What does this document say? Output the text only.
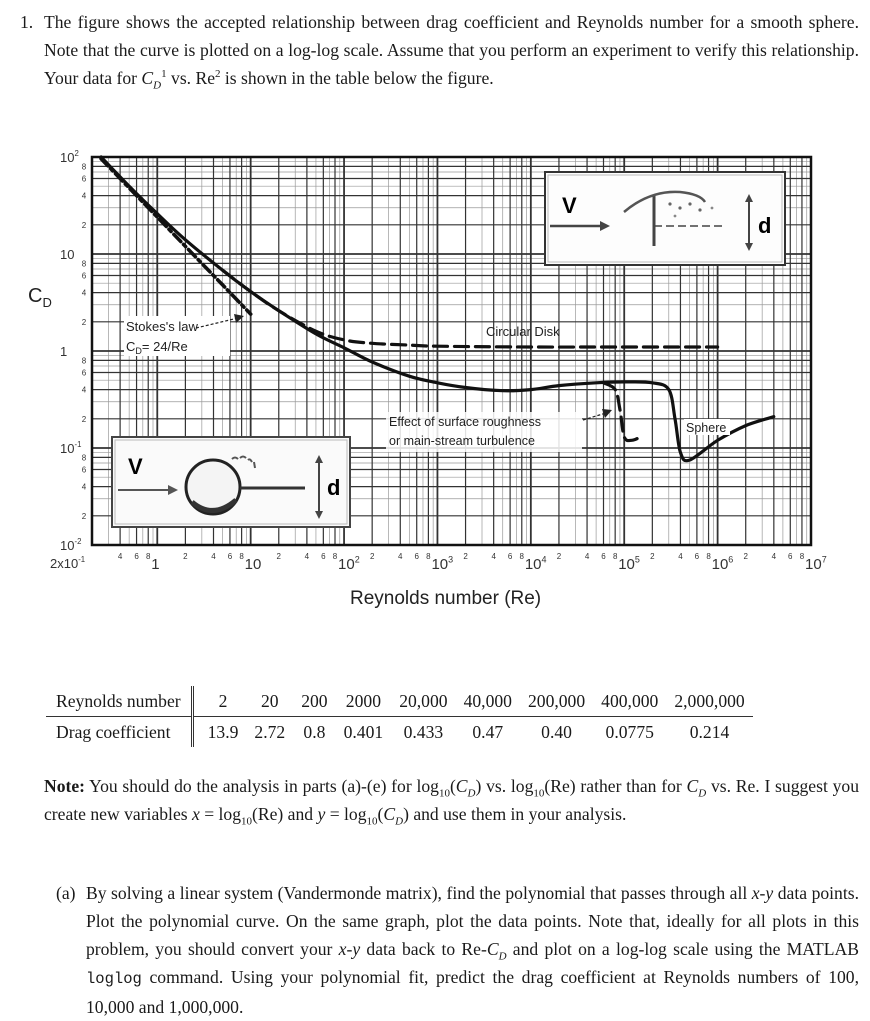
1. The figure shows the accepted relationship between drag coefficient and Reynolds number for a smooth sphere. Note that the curve is plotted on a log-log scale. Assume that you perform an experiment to verify this relationship. Your data for $C_D^1$ vs. Re$^2$ is shown in the table below the figure.
V
d
V
d
Stokes's law
$C_D= 24/Re$
Circular Disk
Effect of surface roughness
or main-stream turbulence
Sphere
$10^2$
10
1
$10^{-1}$
$10^{-2}$
2
4
6
8
2
4
6
8
2
4
6
8
2
4
6
8
$2x10^{-1}$	1	10	$10^2$	$10^3$	$10^4$	$10^5$	$10^6$	$10^7$
4 6 8	2	4 6 8	2	4 6 8	2	4 6 8	2	4 6 8	2	4 6 8	2	4 6 8	2	4 6 8
$C_D$
Reynolds number (Re)
Reynolds number	2	20	200	2000	20,000	40,000	200,000	400,000	2,000,000
Drag coefficient	13.9	2.72	0.8	0.401	0.433	0.47	0.40	0.0775	0.214
Note: You should do the analysis in parts (a)-(e) for $\log_{10}(C_D)$ vs. $\log_{10}(Re)$ rather than for $C_D$ vs. Re. I suggest you create new variables $x = \log_{10}(Re)$ and $y = \log_{10}(C_D)$ and use them in your analysis.
(a) By solving a linear system (Vandermonde matrix), find the polynomial that passes through all x-y data points. Plot the polynomial curve. On the same graph, plot the data points. Note that, ideally for all plots in this problem, you should convert your x-y data back to $Re-C_D$ and plot on a log-log scale using the MATLAB loglog command. Using your polynomial fit, predict the drag coefficient at Reynolds numbers of 100, 10,000 and 1,000,000.
